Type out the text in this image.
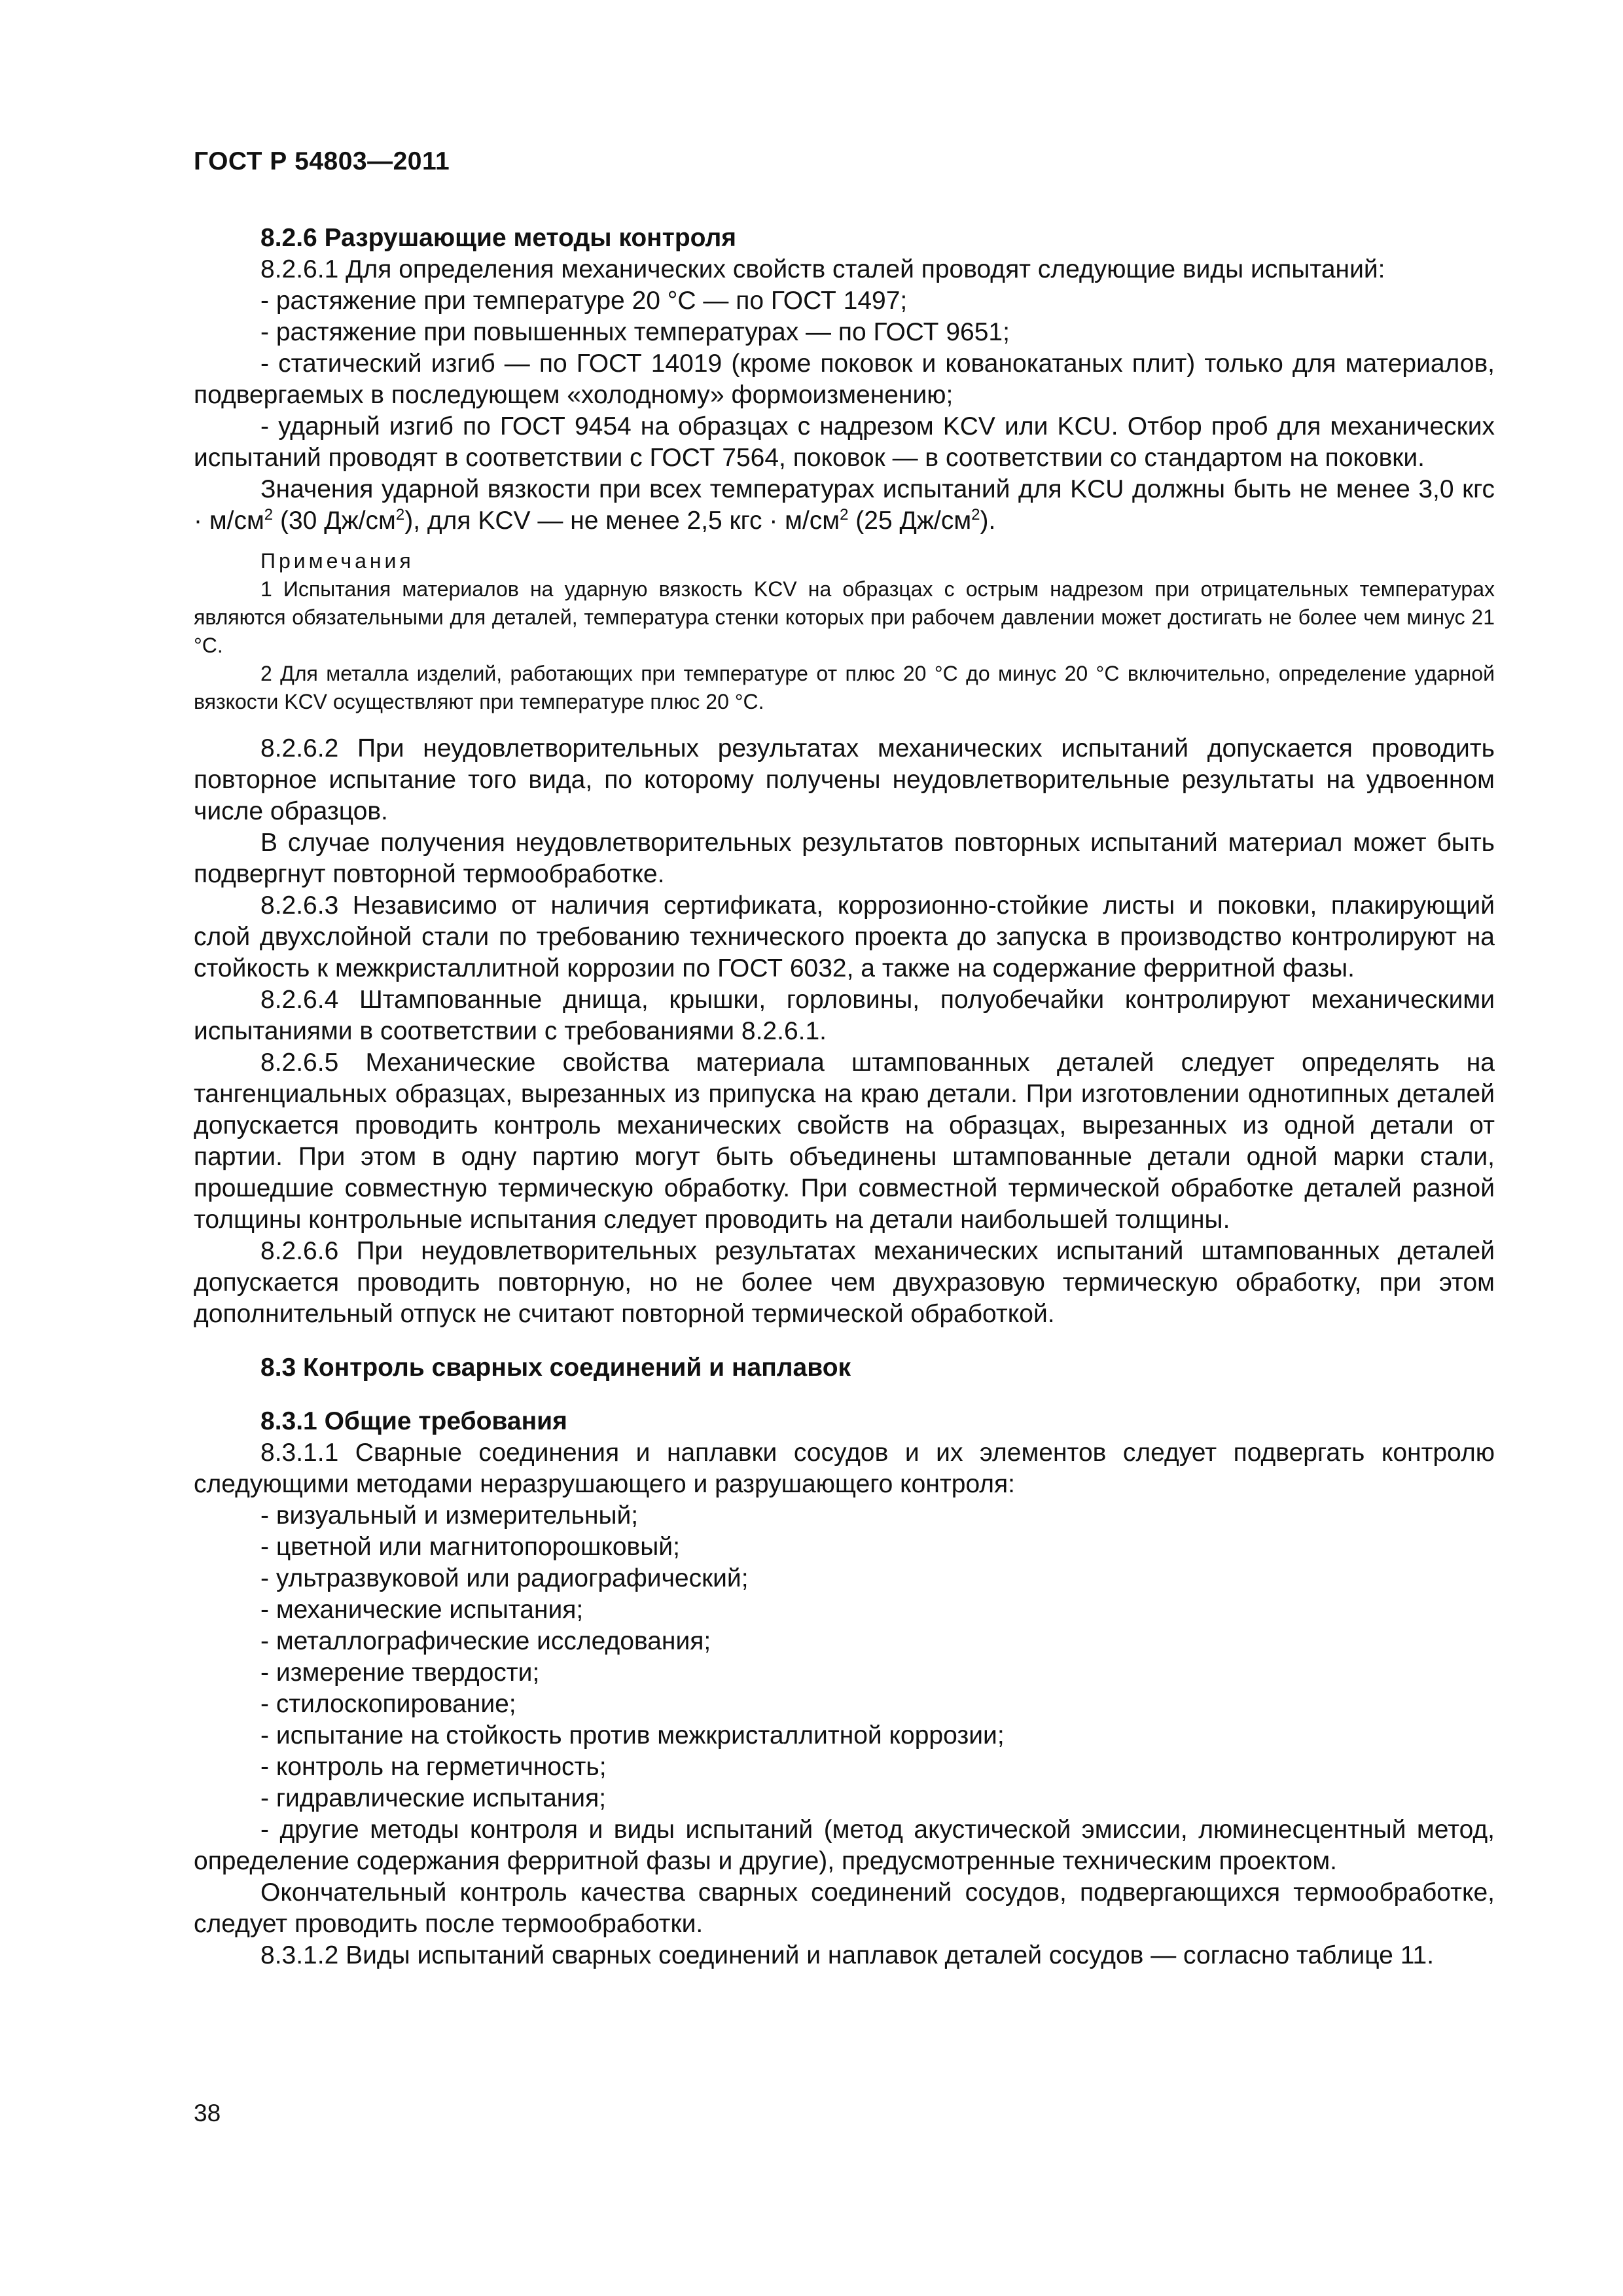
ГОСТ Р 54803—2011

8.2.6 Разрушающие методы контроля

8.2.6.1 Для определения механических свойств сталей проводят следующие виды испытаний:

- растяжение при температуре 20 °С — по ГОСТ 1497;

- растяжение при повышенных температурах — по ГОСТ 9651;

- статический изгиб — по ГОСТ 14019 (кроме поковок и кованокатаных плит) только для материалов, подвергаемых в последующем «холодному» формоизменению;

- ударный изгиб по ГОСТ 9454 на образцах с надрезом KCV или KCU. Отбор проб для механических испытаний проводят в соответствии с ГОСТ 7564, поковок — в соответствии со стандартом на поковки.

Значения ударной вязкости при всех температурах испытаний для KCU должны быть не менее 3,0 кгс · $м/см^2$ (30 $Дж/см^2$), для KCV — не менее 2,5 кгс · $м/см^2$ (25 $Дж/см^2$).

Примечания

1 Испытания материалов на ударную вязкость KCV на образцах с острым надрезом при отрицательных температурах являются обязательными для деталей, температура стенки которых при рабочем давлении может достигать не более чем минус 21 °С.

2 Для металла изделий, работающих при температуре от плюс 20 °С до минус 20 °С включительно, определение ударной вязкости KCV осуществляют при температуре плюс 20 °С.

8.2.6.2 При неудовлетворительных результатах механических испытаний допускается проводить повторное испытание того вида, по которому получены неудовлетворительные результаты на удвоенном числе образцов.

В случае получения неудовлетворительных результатов повторных испытаний материал может быть подвергнут повторной термообработке.

8.2.6.3 Независимо от наличия сертификата, коррозионно-стойкие листы и поковки, плакирующий слой двухслойной стали по требованию технического проекта до запуска в производство контролируют на стойкость к межкристаллитной коррозии по ГОСТ 6032, а также на содержание ферритной фазы.

8.2.6.4 Штампованные днища, крышки, горловины, полуобечайки контролируют механическими испытаниями в соответствии с требованиями 8.2.6.1.

8.2.6.5 Механические свойства материала штампованных деталей следует определять на тангенциальных образцах, вырезанных из припуска на краю детали. При изготовлении однотипных деталей допускается проводить контроль механических свойств на образцах, вырезанных из одной детали от партии. При этом в одну партию могут быть объединены штампованные детали одной марки стали, прошедшие совместную термическую обработку. При совместной термической обработке деталей разной толщины контрольные испытания следует проводить на детали наибольшей толщины.

8.2.6.6 При неудовлетворительных результатах механических испытаний штампованных деталей допускается проводить повторную, но не более чем двухразовую термическую обработку, при этом дополнительный отпуск не считают повторной термической обработкой.

8.3 Контроль сварных соединений и наплавок

8.3.1 Общие требования

8.3.1.1 Сварные соединения и наплавки сосудов и их элементов следует подвергать контролю следующими методами неразрушающего и разрушающего контроля:

- визуальный и измерительный;

- цветной или магнитопорошковый;

- ультразвуковой или радиографический;

- механические испытания;

- металлографические исследования;

- измерение твердости;

- стилоскопирование;

- испытание на стойкость против межкристаллитной коррозии;

- контроль на герметичность;

- гидравлические испытания;

- другие методы контроля и виды испытаний (метод акустической эмиссии, люминесцентный метод, определение содержания ферритной фазы и другие), предусмотренные техническим проектом.

Окончательный контроль качества сварных соединений сосудов, подвергающихся термообработке, следует проводить после термообработки.

8.3.1.2 Виды испытаний сварных соединений и наплавок деталей сосудов — согласно таблице 11.

38
